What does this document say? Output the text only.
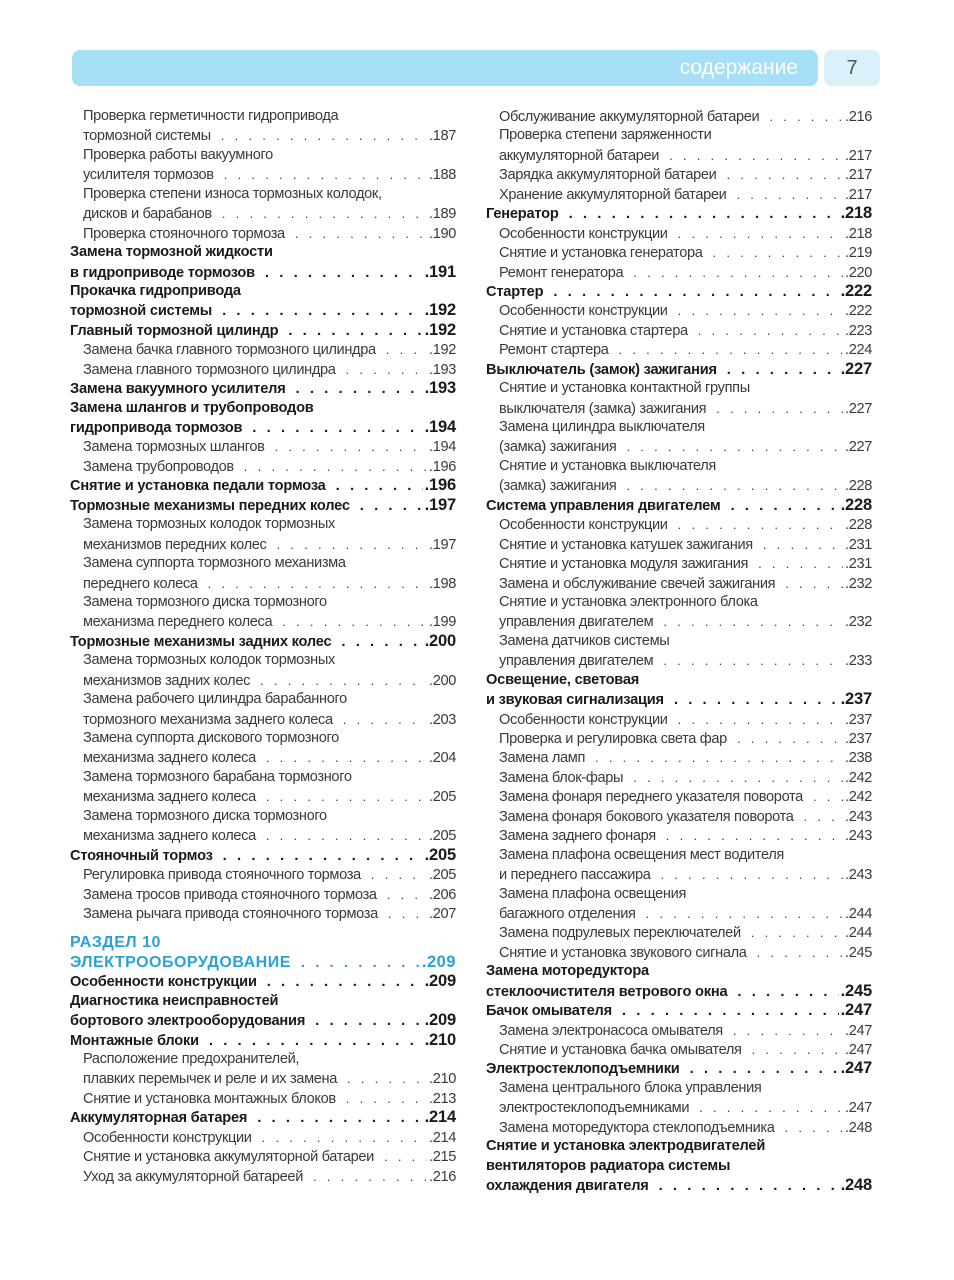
содержание	7
Проверка герметичности гидропривода
тормозной системы . . .	.187
Проверка работы вакуумного
усилителя тормозов . . .	.188
Проверка степени износа тормозных колодок,
дисков и барабанов . . .	.189
Проверка стояночного тормоза . . .	.190
Замена тормозной жидкости
в гидроприводе тормозов . . .	.191
Прокачка гидропривода
тормозной системы . . .	.192
Главный тормозной цилиндр . . .	.192
Замена бачка главного тормозного цилиндра . . .	.192
Замена главного тормозного цилиндра . . .	.193
Замена вакуумного усилителя . . .	.193
Замена шлангов и трубопроводов
гидропривода тормозов . . .	.194
Замена тормозных шлангов . . .	.194
Замена трубопроводов . . .	.196
Снятие и установка педали тормоза . . .	.196
Тормозные механизмы передних колес . . .	.197
Замена тормозных колодок тормозных
механизмов передних колес . . .	.197
Замена суппорта тормозного механизма
переднего колеса . . .	.198
Замена тормозного диска тормозного
механизма переднего колеса . . .	.199
Тормозные механизмы задних колес . . .	.200
Замена тормозных колодок тормозных
механизмов задних колес . . .	.200
Замена рабочего цилиндра барабанного
тормозного механизма заднего колеса . . .	.203
Замена суппорта дискового тормозного
механизма заднего колеса . . .	.204
Замена тормозного барабана тормозного
механизма заднего колеса . . .	.205
Замена тормозного диска тормозного
механизма заднего колеса . . .	.205
Стояночный тормоз . . .	.205
Регулировка привода стояночного тормоза . . .	.205
Замена тросов привода стояночного тормоза . . .	.206
Замена рычага привода стояночного тормоза . . .	.207
РАЗДЕЛ 10
ЭЛЕКТРООБОРУДОВАНИЕ . . .	.209
Особенности конструкции . . .	.209
Диагностика неисправностей
бортового электрооборудования . . .	.209
Монтажные блоки . . .	.210
Расположение предохранителей,
плавких перемычек и реле и их замена . . .	.210
Снятие и установка монтажных блоков . . .	.213
Аккумуляторная батарея . . .	.214
Особенности конструкции . . .	.214
Снятие и установка аккумуляторной батареи . . .	.215
Уход за аккумуляторной батареей . . .	.216
Обслуживание аккумуляторной батареи . . .	.216
Проверка степени заряженности
аккумуляторной батареи . . .	.217
Зарядка аккумуляторной батареи . . .	.217
Хранение аккумуляторной батареи . . .	.217
Генератор . . .	.218
Особенности конструкции . . .	.218
Снятие и установка генератора . . .	.219
Ремонт генератора . . .	.220
Стартер . . .	.222
Особенности конструкции . . .	.222
Снятие и установка стартера . . .	.223
Ремонт стартера . . .	.224
Выключатель (замок) зажигания . . .	.227
Снятие и установка контактной группы
выключателя (замка) зажигания . . .	.227
Замена цилиндра выключателя
(замка) зажигания . . .	.227
Снятие и установка выключателя
(замка) зажигания . . .	.228
Система управления двигателем . . .	.228
Особенности конструкции . . .	.228
Снятие и установка катушек зажигания . . .	.231
Снятие и установка модуля зажигания . . .	.231
Замена и обслуживание свечей зажигания . . .	.232
Снятие и установка электронного блока
управления двигателем . . .	.232
Замена датчиков системы
управления двигателем . . .	.233
Освещение, световая
и звуковая сигнализация . . .	.237
Особенности конструкции . . .	.237
Проверка и регулировка света фар . . .	.237
Замена ламп . . .	.238
Замена блок-фары . . .	.242
Замена фонаря переднего указателя поворота . . .	.242
Замена фонаря бокового указателя поворота . . .	.243
Замена заднего фонаря . . .	.243
Замена плафона освещения мест водителя
и переднего пассажира . . .	.243
Замена плафона освещения
багажного отделения . . .	.244
Замена подрулевых переключателей . . .	.244
Снятие и установка звукового сигнала . . .	.245
Замена моторедуктора
стеклоочистителя ветрового окна . . .	.245
Бачок омывателя . . .	.247
Замена электронасоса омывателя . . .	.247
Снятие и установка бачка омывателя . . .	.247
Электростеклоподъемники . . .	.247
Замена центрального блока управления
электростеклоподъемниками . . .	.247
Замена моторедуктора стеклоподъемника . . .	.248
Снятие и установка электродвигателей
вентиляторов радиатора системы
охлаждения двигателя . . .	.248
